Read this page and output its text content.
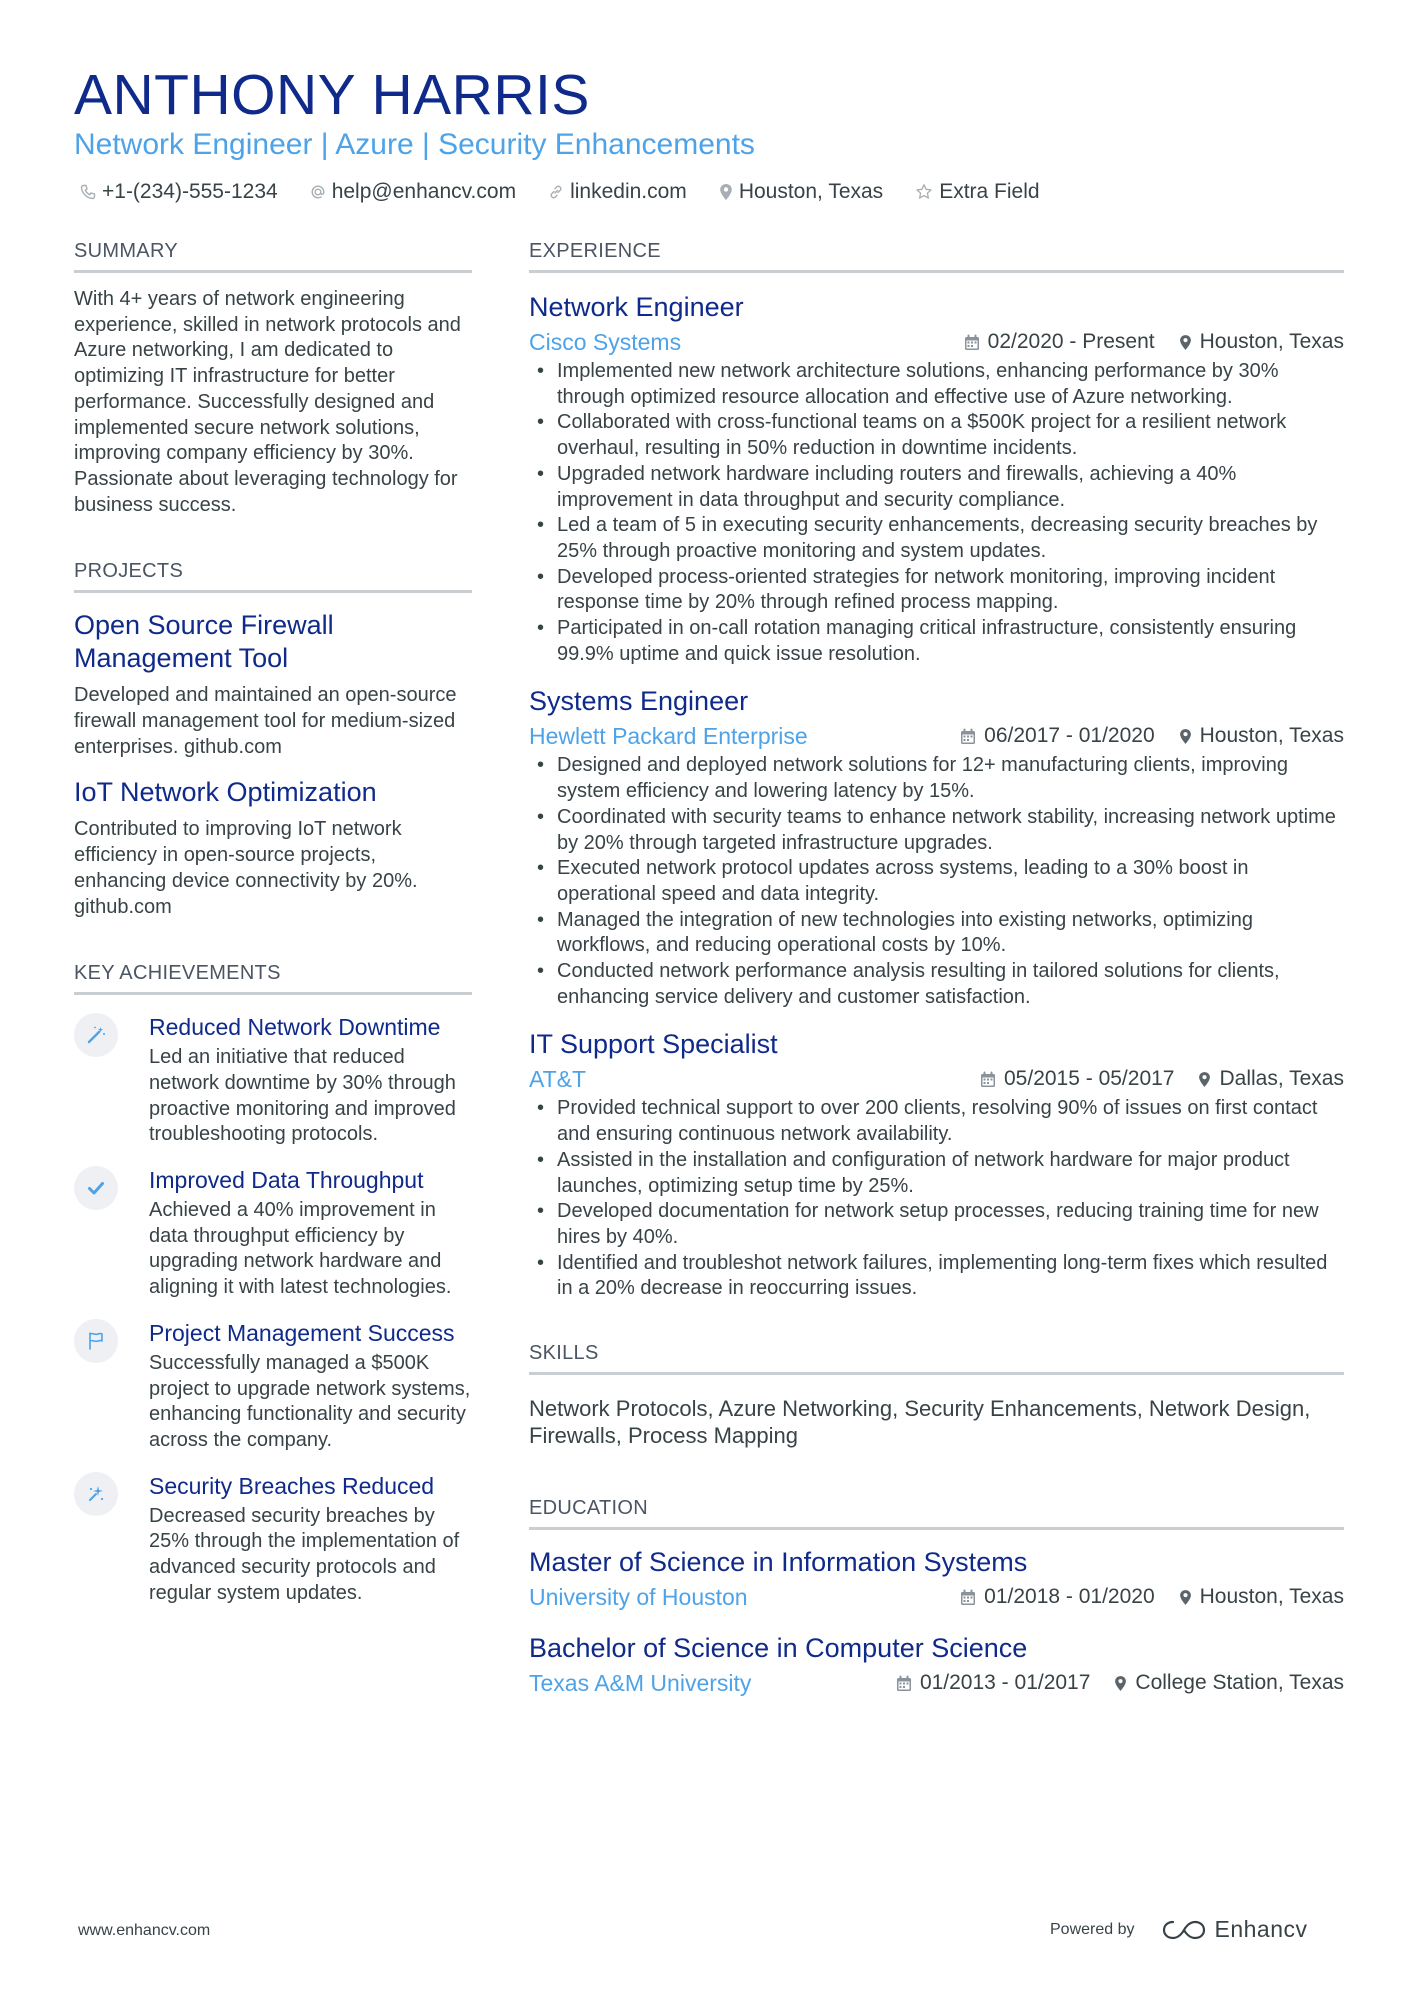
ANTHONY HARRIS
Network Engineer | Azure | Security Enhancements
+1-(234)-555-1234	help@enhancv.com	linkedin.com Houston, Texas	Extra Field
SUMMARY
With 4+ years of network engineering experience, skilled in network protocols and Azure networking, I am dedicated to optimizing IT infrastructure for better performance. Successfully designed and implemented secure network solutions, improving company efficiency by 30%. Passionate about leveraging technology for business success.
PROJECTS
Open Source Firewall Management Tool
Developed and maintained an open-source firewall management tool for medium-sized enterprises. github.com
IoT Network Optimization
Contributed to improving IoT network efficiency in open-source projects, enhancing device connectivity by 20%. github.com
KEY ACHIEVEMENTS
Reduced Network Downtime
Led an initiative that reduced network downtime by 30% through proactive monitoring and improved troubleshooting protocols.
Improved Data Throughput
Achieved a 40% improvement in data throughput efficiency by upgrading network hardware and aligning it with latest technologies.
Project Management Success
Successfully managed a $500K project to upgrade network systems, enhancing functionality and security across the company.
Security Breaches Reduced
Decreased security breaches by 25% through the implementation of advanced security protocols and regular system updates.
EXPERIENCE
Network Engineer
Cisco Systems	02/2020 - Present Houston, Texas
• Implemented new network architecture solutions, enhancing performance by 30% through optimized resource allocation and effective use of Azure networking.
• Collaborated with cross-functional teams on a $500K project for a resilient network overhaul, resulting in 50% reduction in downtime incidents.
• Upgraded network hardware including routers and firewalls, achieving a 40% improvement in data throughput and security compliance.
• Led a team of 5 in executing security enhancements, decreasing security breaches by 25% through proactive monitoring and system updates.
• Developed process-oriented strategies for network monitoring, improving incident response time by 20% through refined process mapping.
• Participated in on-call rotation managing critical infrastructure, consistently ensuring 99.9% uptime and quick issue resolution.
Systems Engineer
Hewlett Packard Enterprise	06/2017 - 01/2020 Houston, Texas
• Designed and deployed network solutions for 12+ manufacturing clients, improving system efficiency and lowering latency by 15%.
• Coordinated with security teams to enhance network stability, increasing network uptime by 20% through targeted infrastructure upgrades.
• Executed network protocol updates across systems, leading to a 30% boost in operational speed and data integrity.
• Managed the integration of new technologies into existing networks, optimizing workflows, and reducing operational costs by 10%.
• Conducted network performance analysis resulting in tailored solutions for clients, enhancing service delivery and customer satisfaction.
IT Support Specialist
AT&T	05/2015 - 05/2017 Dallas, Texas
• Provided technical support to over 200 clients, resolving 90% of issues on first contact and ensuring continuous network availability.
• Assisted in the installation and configuration of network hardware for major product launches, optimizing setup time by 25%.
• Developed documentation for network setup processes, reducing training time for new hires by 40%.
• Identified and troubleshot network failures, implementing long-term fixes which resulted in a 20% decrease in reoccurring issues.
SKILLS
Network Protocols, Azure Networking, Security Enhancements, Network Design, Firewalls, Process Mapping
EDUCATION
Master of Science in Information Systems
University of Houston	01/2018 - 01/2020 Houston, Texas
Bachelor of Science in Computer Science
Texas A&M University	01/2013 - 01/2017 College Station, Texas
www.enhancv.com	Powered by	Enhancv
